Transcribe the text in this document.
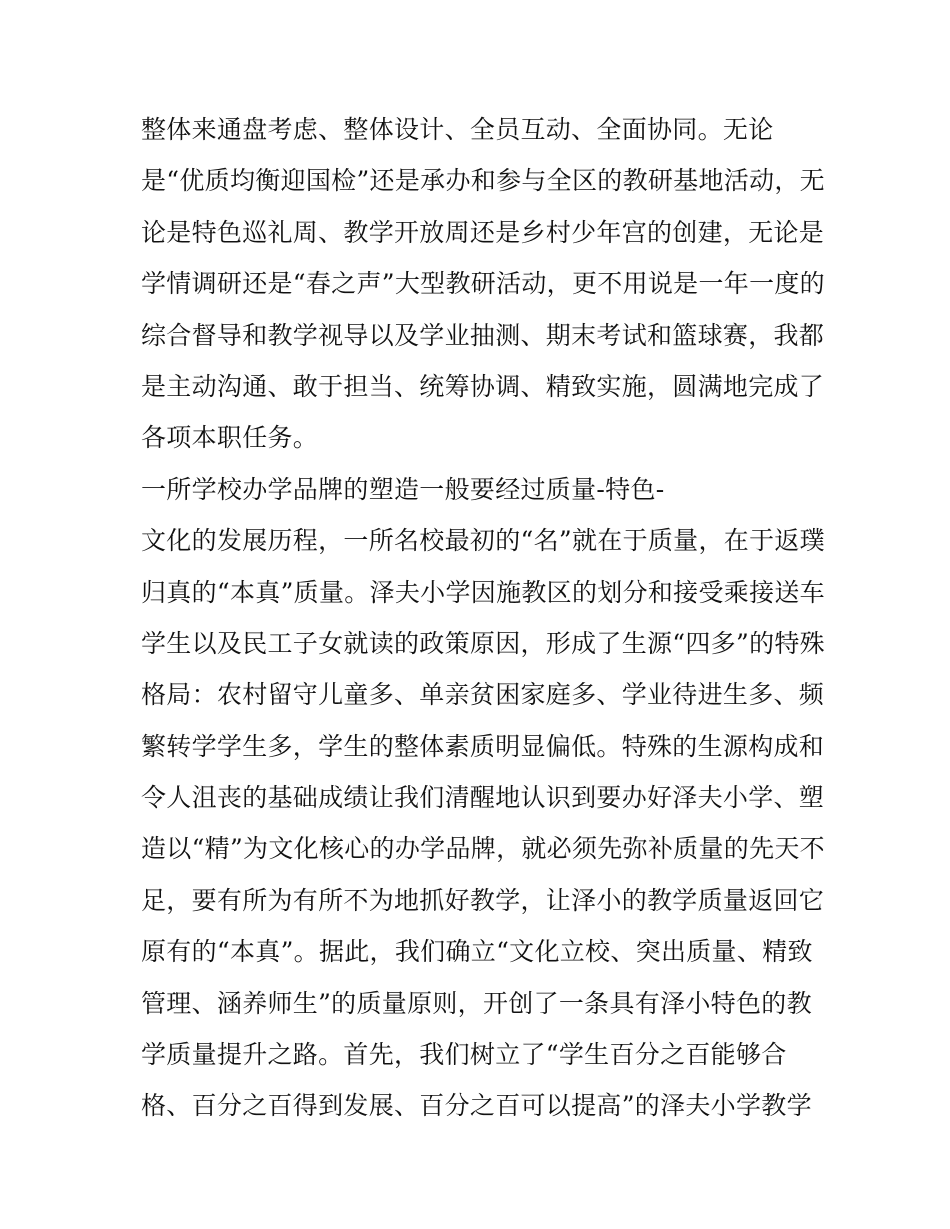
整体来通盘考虑、整体设计、全员互动、全面协同。无论
是“优质均衡迎国检”还是承办和参与全区的教研基地活动，无
论是特色巡礼周、教学开放周还是乡村少年宫的创建，无论是
学情调研还是“春之声”大型教研活动，更不用说是一年一度的
综合督导和教学视导以及学业抽测、期末考试和篮球赛，我都
是主动沟通、敢于担当、统筹协调、精致实施，圆满地完成了
各项本职任务。
一所学校办学品牌的塑造一般要经过质量-特色-
文化的发展历程，一所名校最初的“名”就在于质量，在于返璞
归真的“本真”质量。泽夫小学因施教区的划分和接受乘接送车
学生以及民工子女就读的政策原因，形成了生源“四多”的特殊
格局：农村留守儿童多、单亲贫困家庭多、学业待进生多、频
繁转学学生多，学生的整体素质明显偏低。特殊的生源构成和
令人沮丧的基础成绩让我们清醒地认识到要办好泽夫小学、塑
造以“精”为文化核心的办学品牌，就必须先弥补质量的先天不
足，要有所为有所不为地抓好教学，让泽小的教学质量返回它
原有的“本真”。据此，我们确立“文化立校、突出质量、精致
管理、涵养师生”的质量原则，开创了一条具有泽小特色的教
学质量提升之路。首先，我们树立了“学生百分之百能够合
格、百分之百得到发展、百分之百可以提高”的泽夫小学教学
